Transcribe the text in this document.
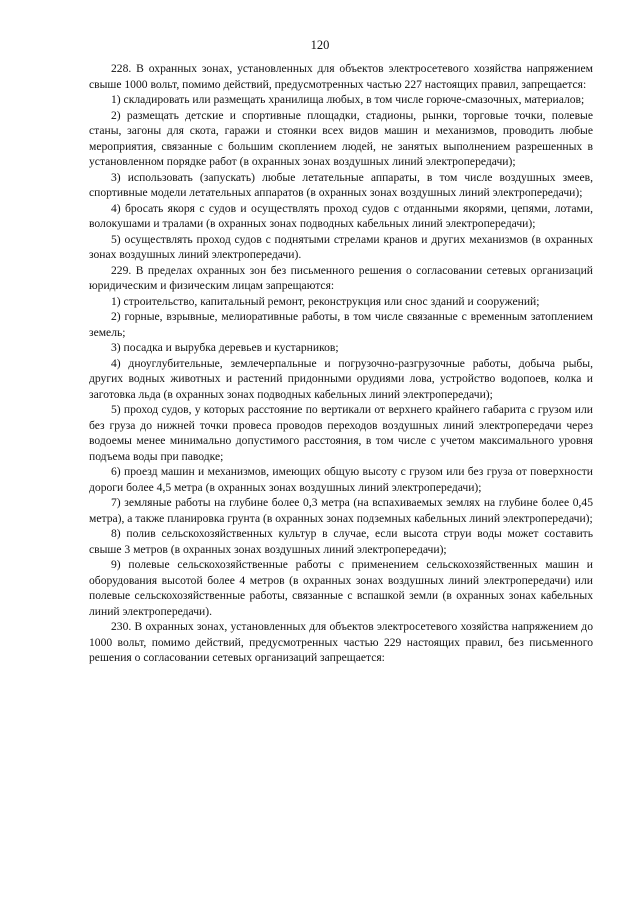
120

228. В охранных зонах, установленных для объектов электросетевого хозяйства напряжением свыше 1000 вольт, помимо действий, предусмотренных частью 227 настоящих правил, запрещается:

1) складировать или размещать хранилища любых, в том числе горюче-смазочных, материалов;

2) размещать детские и спортивные площадки, стадионы, рынки, торговые точки, полевые станы, загоны для скота, гаражи и стоянки всех видов машин и механизмов, проводить любые мероприятия, связанные с большим скоплением людей, не занятых выполнением разрешенных в установленном порядке работ (в охранных зонах воздушных линий электропередачи);

3) использовать (запускать) любые летательные аппараты, в том числе воздушных змеев, спортивные модели летательных аппаратов (в охранных зонах воздушных линий электропередачи);

4) бросать якоря с судов и осуществлять проход судов с отданными якорями, цепями, лотами, волокушами и тралами (в охранных зонах подводных кабельных линий электропередачи);

5) осуществлять проход судов с поднятыми стрелами кранов и других механизмов (в охранных зонах воздушных линий электропередачи).

229. В пределах охранных зон без письменного решения о согласовании сетевых организаций юридическим и физическим лицам запрещаются:

1) строительство, капитальный ремонт, реконструкция или снос зданий и сооружений;

2) горные, взрывные, мелиоративные работы, в том числе связанные с временным затоплением земель;

3) посадка и вырубка деревьев и кустарников;

4) дноуглубительные, землечерпальные и погрузочно-разгрузочные работы, добыча рыбы, других водных животных и растений придонными орудиями лова, устройство водопоев, колка и заготовка льда (в охранных зонах подводных кабельных линий электропередачи);

5) проход судов, у которых расстояние по вертикали от верхнего крайнего габарита с грузом или без груза до нижней точки провеса проводов переходов воздушных линий электропередачи через водоемы менее минимально допустимого расстояния, в том числе с учетом максимального уровня подъема воды при паводке;

6) проезд машин и механизмов, имеющих общую высоту с грузом или без груза от поверхности дороги более 4,5 метра (в охранных зонах воздушных линий электропередачи);

7) земляные работы на глубине более 0,3 метра (на вспахиваемых землях на глубине более 0,45 метра), а также планировка грунта (в охранных зонах подземных кабельных линий электропередачи);

8) полив сельскохозяйственных культур в случае, если высота струи воды может составить свыше 3 метров (в охранных зонах воздушных линий электропередачи);

9) полевые сельскохозяйственные работы с применением сельскохозяйственных машин и оборудования высотой более 4 метров (в охранных зонах воздушных линий электропередачи) или полевые сельскохозяйственные работы, связанные с вспашкой земли (в охранных зонах кабельных линий электропередачи).

230. В охранных зонах, установленных для объектов электросетевого хозяйства напряжением до 1000 вольт, помимо действий, предусмотренных частью 229 настоящих правил, без письменного решения о согласовании сетевых организаций запрещается:
